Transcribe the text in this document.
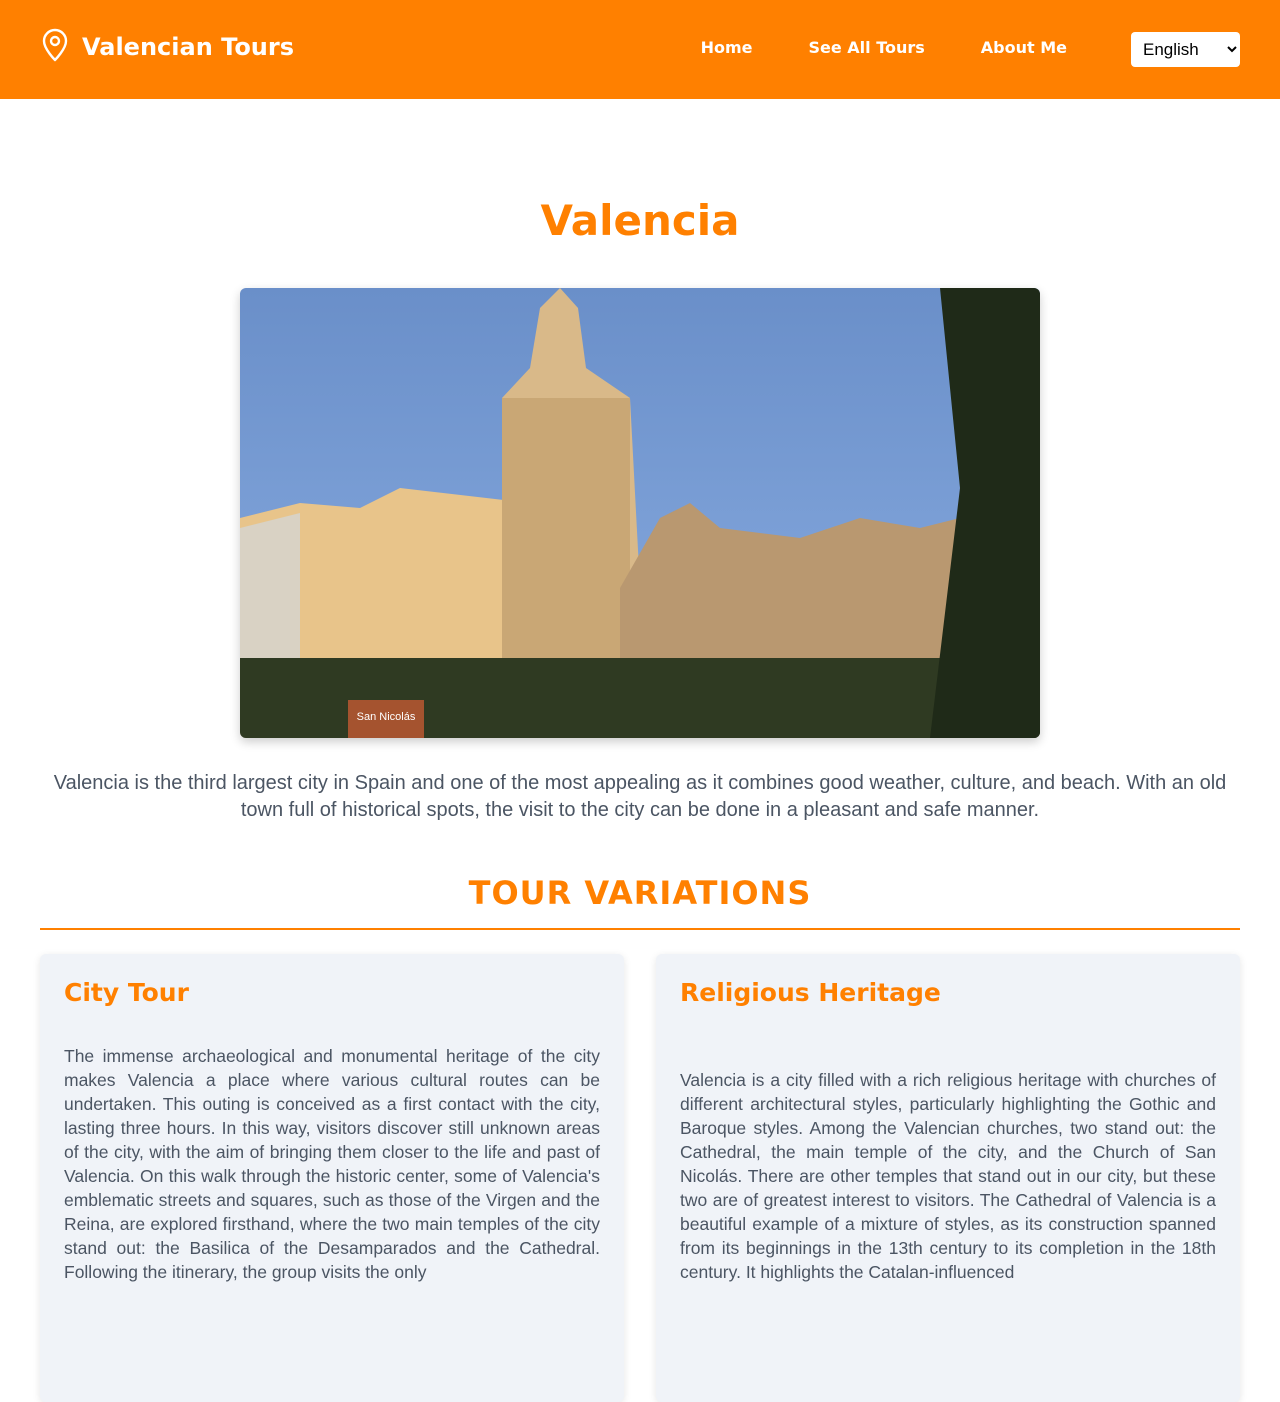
Valencian Tours	Home	See All Tours	About Me
English
Valencia
San Nicolás

Valencia is the third largest city in Spain and one of the most appealing as it combines good weather, culture, and beach. With an old town full of historical spots, the visit to the city can be done in a pleasant and safe manner.

TOUR VARIATIONS
City Tour

The immense archaeological and monumental heritage of the city makes Valencia a place where various cultural routes can be undertaken. This outing is conceived as a first contact with the city, lasting three hours. In this way, visitors discover still unknown areas of the city, with the aim of bringing them closer to the life and past of Valencia. On this walk through the historic center, some of Valencia's emblematic streets and squares, such as those of the Virgen and the Reina, are explored firsthand, where the two main temples of the city stand out: the Basilica of the Desamparados and the Cathedral. Following the itinerary, the group visits the only

Religious Heritage

Valencia is a city filled with a rich religious heritage with churches of different architectural styles, particularly highlighting the Gothic and Baroque styles. Among the Valencian churches, two stand out: the Cathedral, the main temple of the city, and the Church of San Nicolás. There are other temples that stand out in our city, but these two are of greatest interest to visitors. The Cathedral of Valencia is a beautiful example of a mixture of styles, as its construction spanned from its beginnings in the 13th century to its completion in the 18th century. It highlights the Catalan-influenced
